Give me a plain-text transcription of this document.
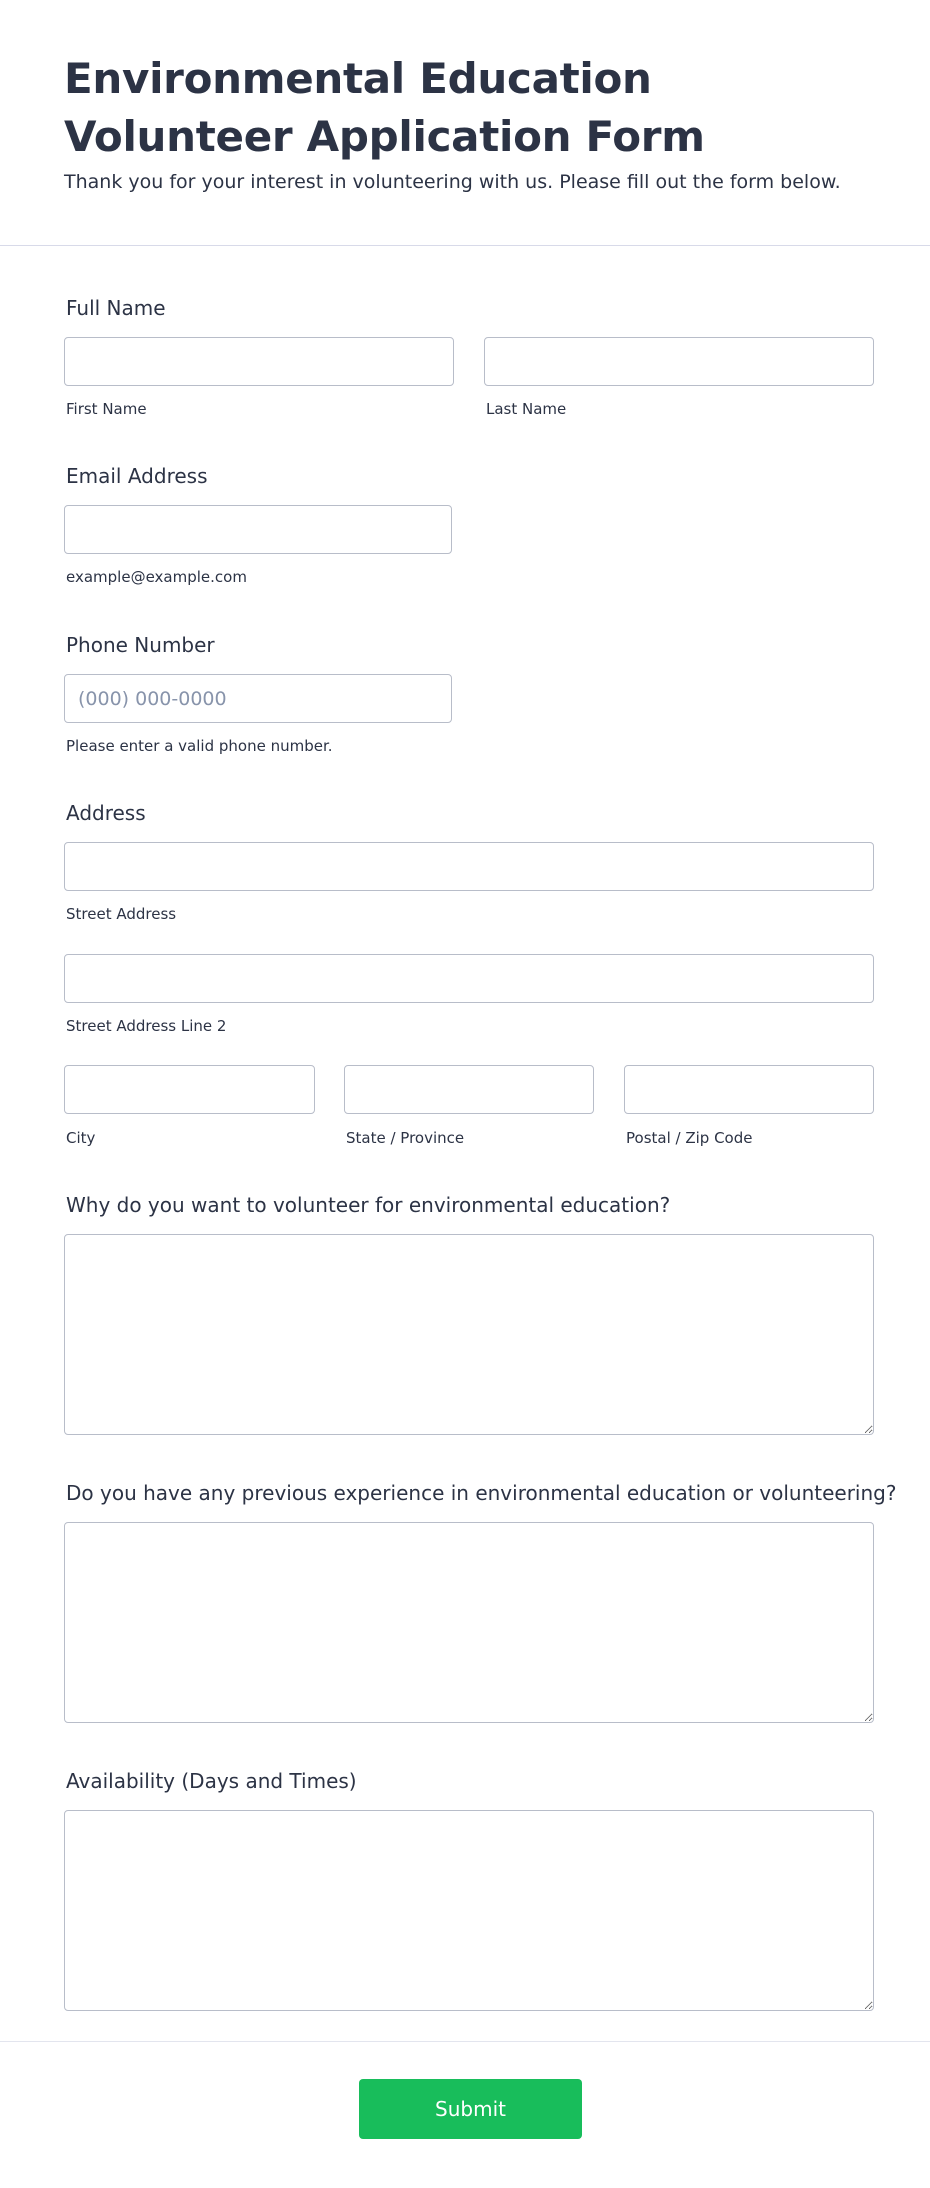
Environmental Education Volunteer Application Form

Thank you for your interest in volunteering with us. Please fill out the form below.

Full Name
First Name	Last Name
Email Address
example@example.com
Phone Number
(000) 000-0000
Please enter a valid phone number.
Address
Street Address
Street Address Line 2
City	State / Province	Postal / Zip Code
Why do you want to volunteer for environmental education?
Do you have any previous experience in environmental education or volunteering?
Availability (Days and Times)
Submit
